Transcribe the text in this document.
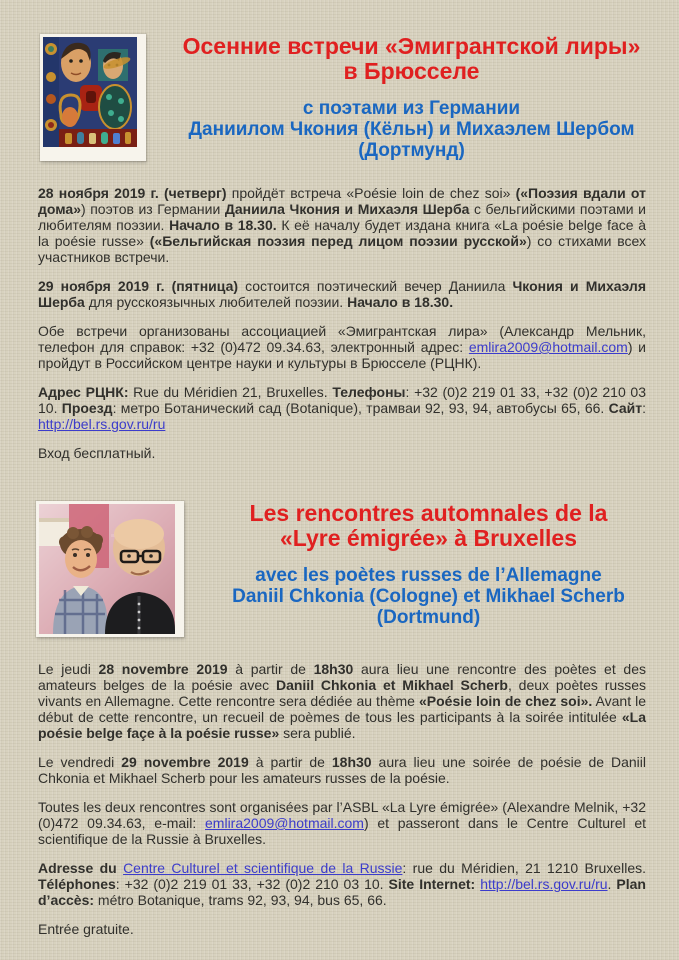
Осенние встречи «Эмигрантской лиры»
в Брюсселе
с поэтами из Германии
Даниилом Чкония (Кёльн) и Михаэлем Шербом
(Дортмунд)

28 ноября 2019 г. (четверг) пройдёт встреча «Poésie loin de chez soi» («Поэзия вдали от дома») поэтов из Германии Даниила Чкония и Михаэля Шерба с бельгийскими поэтами и любителям поэзии. Начало в 18.30. К её началу будет издана книга «La poésie belge face à la poésie russe» («Бельгийская поэзия перед лицом поэзии русской») со стихами всех участников встречи.

29 ноября 2019 г. (пятница) состоится поэтический вечер Даниила Чкония и Михаэля Шерба для русскоязычных любителей поэзии. Начало в 18.30.

Обе встречи организованы ассоциацией «Эмигрантская лира» (Александр Мельник, телефон для справок: +32 (0)472 09.34.63, электронный адрес: emlira2009@hotmail.com) и пройдут в Российском центре науки и культуры в Брюсселе (РЦНК).

Адрес РЦНК: Rue du Méridien 21, Bruxelles. Телефоны: +32 (0)2 219 01 33, +32 (0)2 210 03 10. Проезд: метро Ботанический сад (Botanique), трамваи 92, 93, 94, автобусы 65, 66. Сайт: http://bel.rs.gov.ru/ru

Вход бесплатный.

Les rencontres automnales de la
«Lyre émigrée» à Bruxelles
avec les poètes russes de l’Allemagne
Daniil Chkonia (Cologne) et Mikhael Scherb
(Dortmund)

Le jeudi 28 novembre 2019 à partir de 18h30 aura lieu une rencontre des poètes et des amateurs belges de la poésie avec Daniil Chkonia et Mikhael Scherb, deux poètes russes vivants en Allemagne. Cette rencontre sera dédiée au thème «Poésie loin de chez soi». Avant le début de cette rencontre, un recueil de poèmes de tous les participants à la soirée intitulée «La poésie belge façe à la poésie russe» sera publié.

Le vendredi 29 novembre 2019 à partir de 18h30 aura lieu une soirée de poésie de Daniil Chkonia et Mikhael Scherb pour les amateurs russes de la poésie.

Toutes les deux rencontres sont organisées par l’ASBL «La Lyre émigrée» (Alexandre Melnik, +32 (0)472 09.34.63, e-mail: emlira2009@hotmail.com) et passeront dans le Centre Culturel et scientifique de la Russie à Bruxelles.

Adresse du Centre Culturel et scientifique de la Russie: rue du Méridien, 21 1210 Bruxelles. Téléphones: +32 (0)2 219 01 33, +32 (0)2 210 03 10. Site Internet: http://bel.rs.gov.ru/ru. Plan d’accès: métro Botanique, trams 92, 93, 94, bus 65, 66.

Entrée gratuite.
